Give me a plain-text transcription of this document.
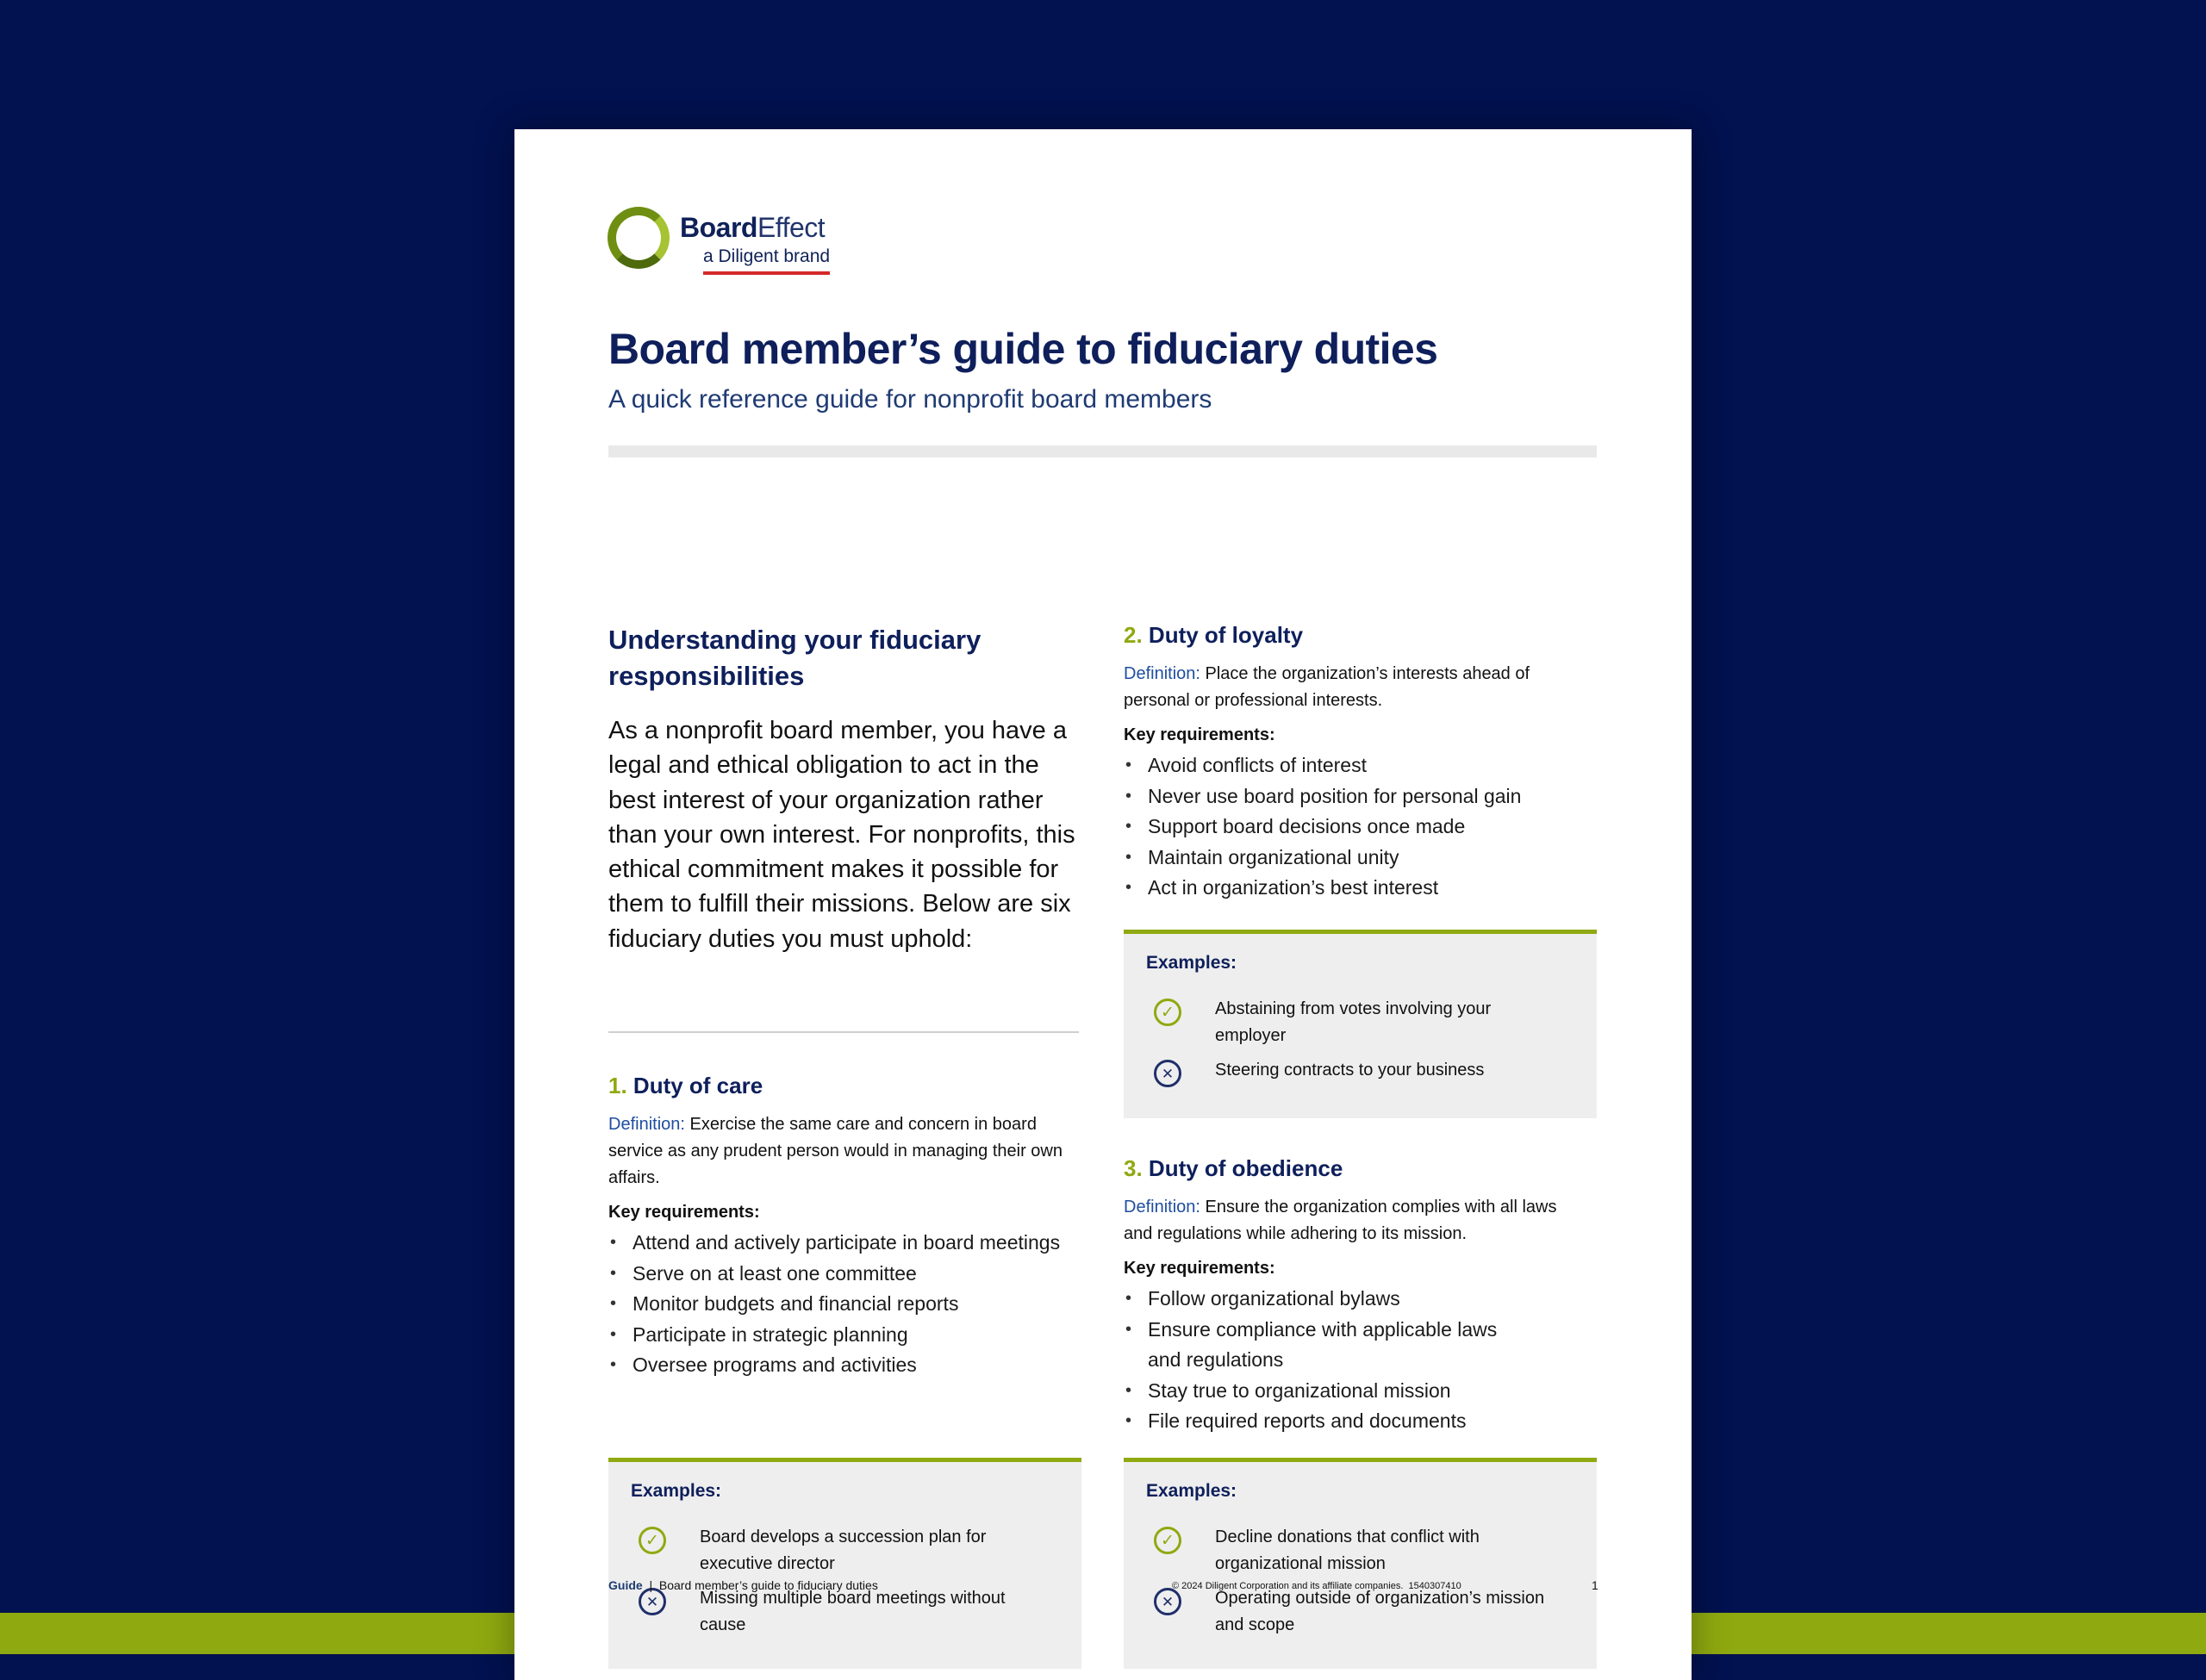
BoardEffect
a Diligent brand
Board member’s guide to fiduciary duties

A quick reference guide for nonprofit board members

Understanding your fiduciary responsibilities

As a nonprofit board member, you have a legal and ethical obligation to act in the best interest of your organization rather than your own interest. For nonprofits, this ethical commitment makes it possible for them to fulfill their missions. Below are six fiduciary duties you must uphold:

1. Duty of care

Definition: Exercise the same care and concern in board service as any prudent person would in managing their own affairs.

Key requirements:
• Attend and actively participate in board meetings
• Serve on at least one committee
• Monitor budgets and financial reports
• Participate in strategic planning
• Oversee programs and activities
Examples:
✓	Board develops a succession plan for executive director
✕	Missing multiple board meetings without cause
2. Duty of loyalty

Definition: Place the organization’s interests ahead of personal or professional interests.

Key requirements:
• Avoid conflicts of interest
• Never use board position for personal gain
• Support board decisions once made
• Maintain organizational unity
• Act in organization’s best interest
Examples:
✓	Abstaining from votes involving your employer
✕	Steering contracts to your business
3. Duty of obedience

Definition: Ensure the organization complies with all laws and regulations while adhering to its mission.

Key requirements:
• Follow organizational bylaws
• Ensure compliance with applicable laws and regulations
• Stay true to organizational mission
• File required reports and documents
Examples:
✓	Decline donations that conflict with organizational mission
✕	Operating outside of organization’s mission and scope
Guide | Board member’s guide to fiduciary duties	© 2024 Diligent Corporation and its affiliate companies. 1540307410	1
